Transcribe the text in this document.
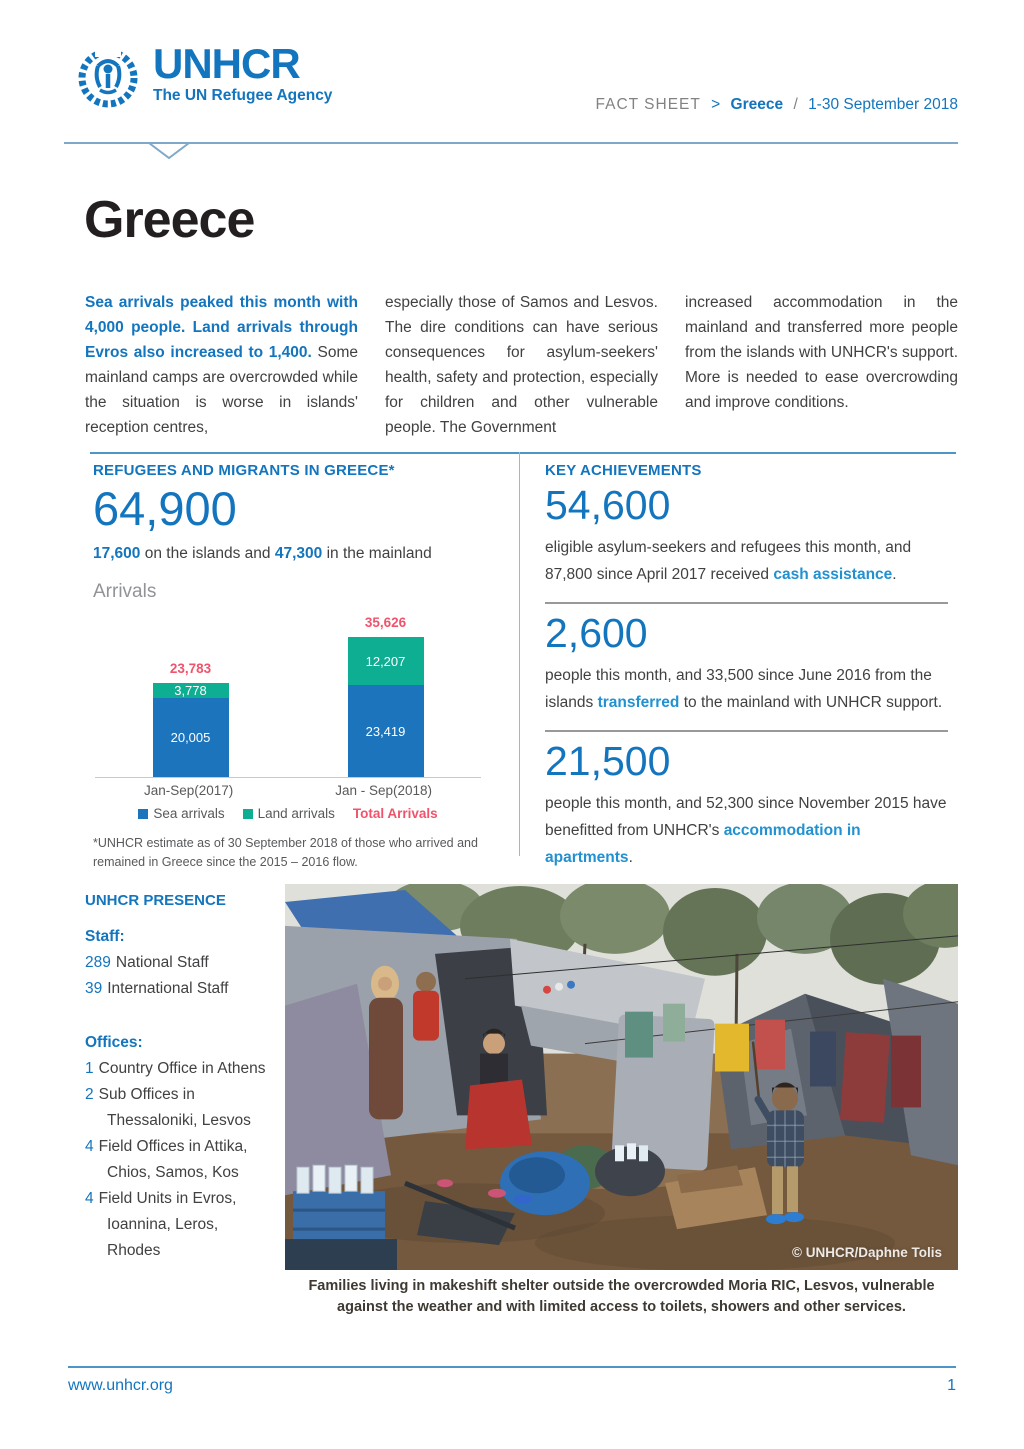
UNHCR
The UN Refugee Agency
FACT SHEET > Greece / 1-30 September 2018
Greece

Sea arrivals peaked this month with 4,000 people. Land arrivals through Evros also increased to 1,400. Some mainland camps are overcrowded while the situation is worse in islands' reception centres,

especially those of Samos and Lesvos. The dire conditions can have serious consequences for asylum-seekers' health, safety and protection, especially for children and other vulnerable people. The Government

increased accommodation in the mainland and transferred more people from the islands with UNHCR's support. More is needed to ease overcrowding and improve conditions.

REFUGEES AND MIGRANTS IN GREECE*
64,900
17,600 on the islands and 47,300 in the mainland
Arrivals
23,783
3,778
20,005
35,626
12,207
23,419
Jan-Sep(2017)	Jan - Sep(2018)
Sea arrivals Land arrivals Total Arrivals
*UNHCR estimate as of 30 September 2018 of those who arrived and
remained in Greece since the 2015 – 2016 flow.
KEY ACHIEVEMENTS
54,600
eligible asylum-seekers and refugees this month, and 87,800 since April 2017 received cash assistance.
2,600
people this month, and 33,500 since June 2016 from the islands transferred to the mainland with UNHCR support.
21,500
people this month, and 52,300 since November 2015 have benefitted from UNHCR's accommodation in apartments.
UNHCR PRESENCE
Staff:
289 National Staff
39 International Staff
Offices:
1 Country Office in Athens
2 Sub Offices in
Thessaloniki, Lesvos
4 Field Offices in Attika,
Chios, Samos, Kos
4 Field Units in Evros,
Ioannina, Leros,
Rhodes	© UNHCR/Daphne Tolis
Families living in makeshift shelter outside the overcrowded Moria RIC, Lesvos, vulnerable
against the weather and with limited access to toilets, showers and other services.
www.unhcr.org	1
